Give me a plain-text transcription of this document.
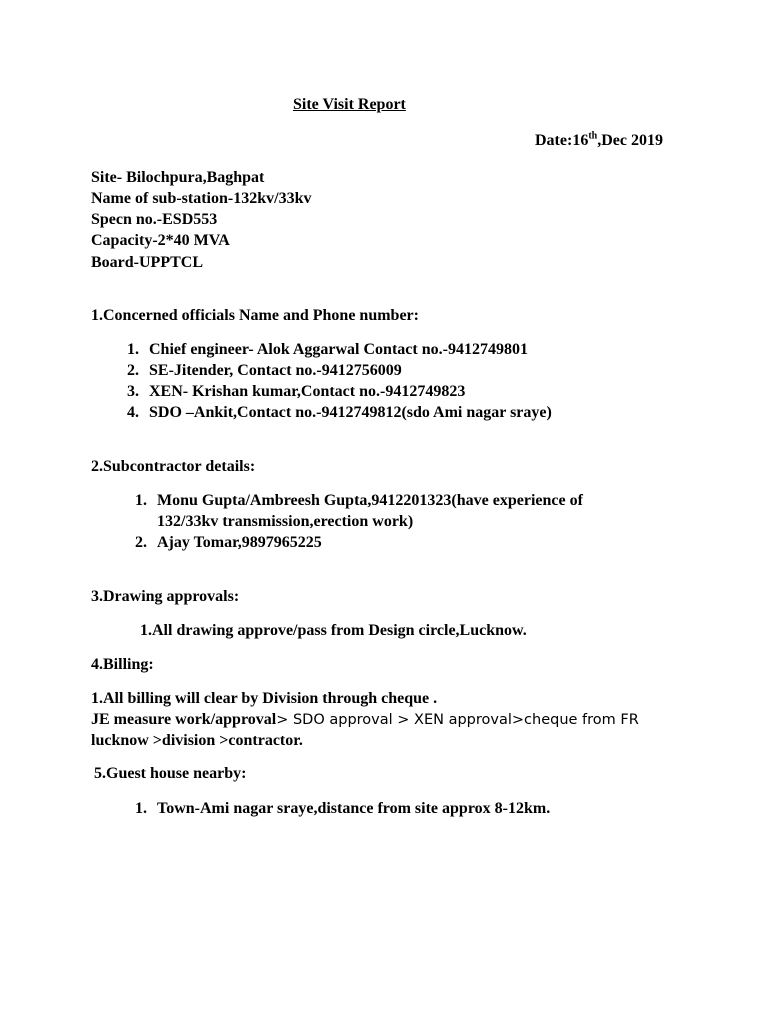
Site Visit Report
Date:16th,Dec 2019
Site- Bilochpura,Baghpat
Name of sub-station-132kv/33kv
Specn no.-ESD553
Capacity-2*40 MVA
Board-UPPTCL
1.Concerned officials Name and Phone number:
1. Chief engineer- Alok Aggarwal Contact no.-9412749801
2. SE-Jitender, Contact no.-9412756009
3. XEN- Krishan kumar,Contact no.-9412749823
4. SDO –Ankit,Contact no.-9412749812(sdo Ami nagar sraye)
2.Subcontractor details:
1. Monu Gupta/Ambreesh Gupta,9412201323(have experience of
132/33kv transmission,erection work)
2. Ajay Tomar,9897965225
3.Drawing approvals:
1.All drawing approve/pass from Design circle,Lucknow.
4.Billing:
1.All billing will clear by Division through cheque .
JE measure work/approval> SDO approval > XEN approval>cheque from FR
lucknow >division >contractor.
5.Guest house nearby:
1. Town-Ami nagar sraye,distance from site approx 8-12km.
